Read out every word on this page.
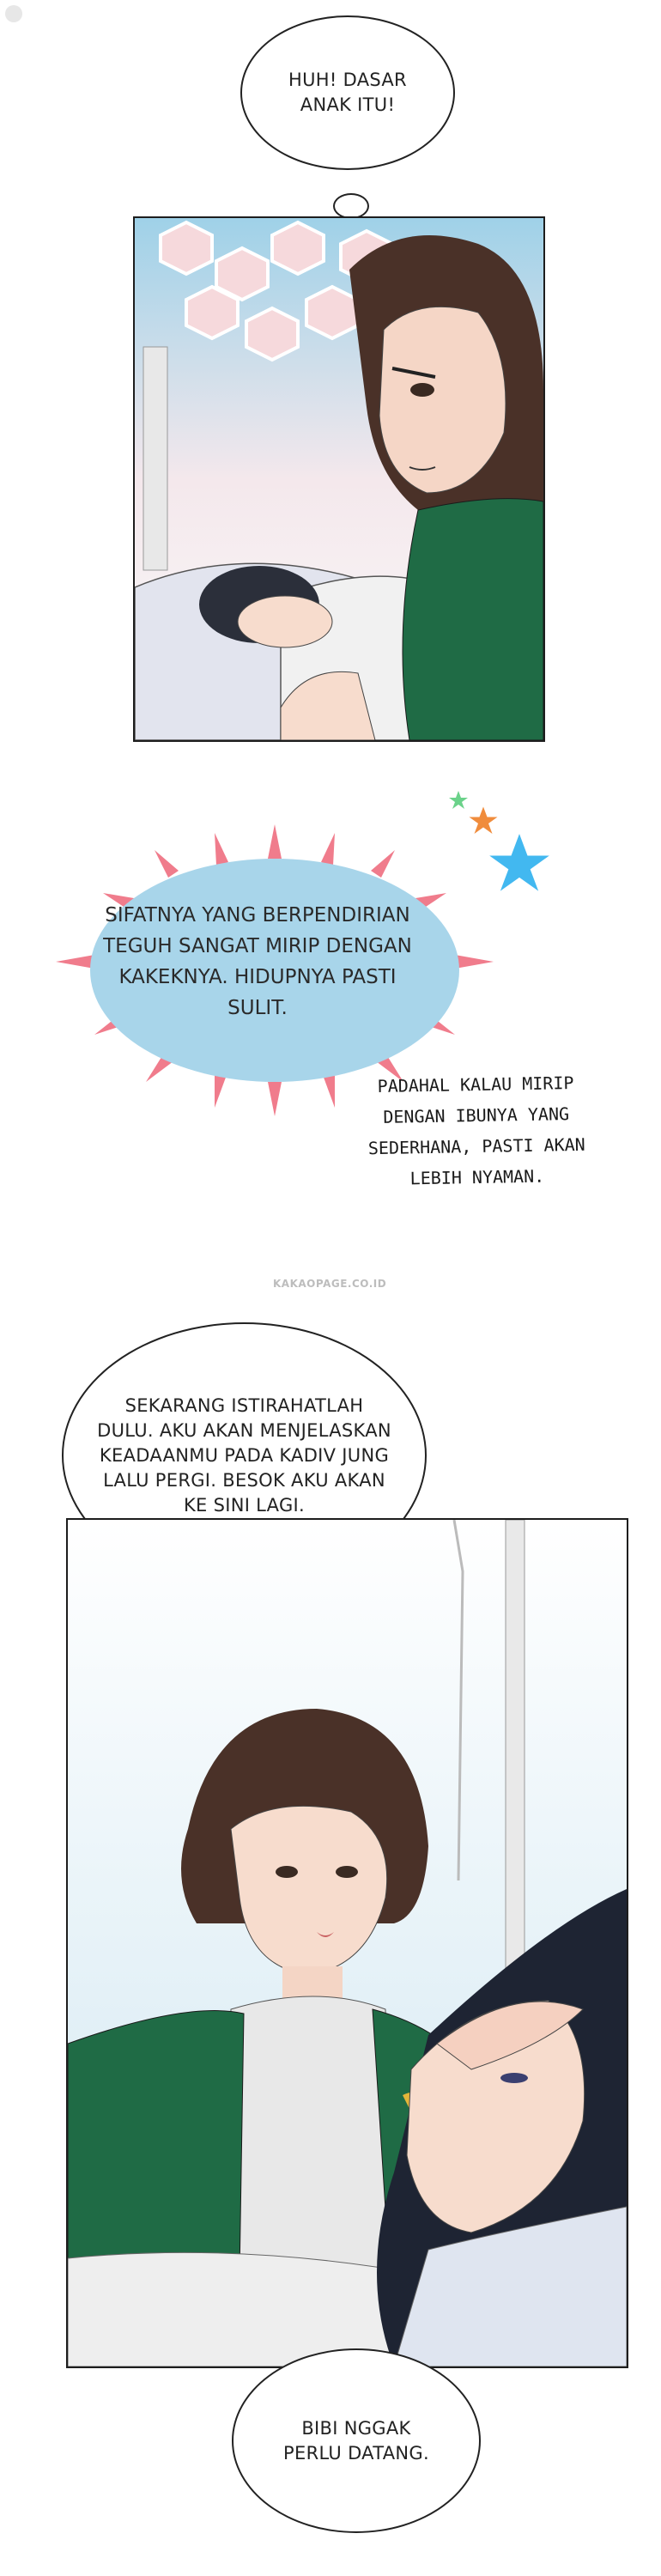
HUH! DASAR
ANAK ITU!
SIFATNYA YANG BERPENDIRIAN
TEGUH SANGAT MIRIP DENGAN
KAKEKNYA. HIDUPNYA PASTI
SULIT.
PADAHAL KALAU MIRIP
DENGAN IBUNYA YANG
SEDERHANA, PASTI AKAN
LEBIH NYAMAN.
KAKAOPAGE.CO.ID
SEKARANG ISTIRAHATLAH
DULU. AKU AKAN MENJELASKAN
KEADAANMU PADA KADIV JUNG
LALU PERGI. BESOK AKU AKAN
KE SINI LAGI.
BIBI NGGAK
PERLU DATANG.
